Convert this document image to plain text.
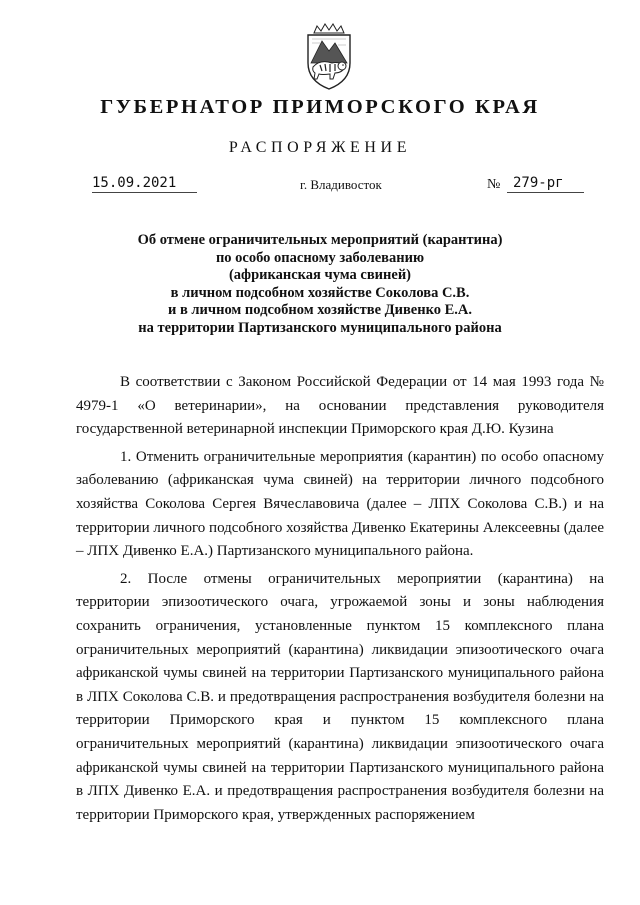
ГУБЕРНАТОР ПРИМОРСКОГО КРАЯ
РАСПОРЯЖЕНИЕ
15.09.2021	г. Владивосток	№ 279-рг
Об отмене ограничительных мероприятий (карантина)
по особо опасному заболеванию
(африканская чума свиней)
в личном подсобном хозяйстве Соколова С.В.
и в личном подсобном хозяйстве Дивенко Е.А.
на территории Партизанского муниципального района

В соответствии с Законом Российской Федерации от 14 мая 1993 года № 4979-1 «О ветеринарии», на основании представления руководителя государственной ветеринарной инспекции Приморского края Д.Ю. Кузина

1. Отменить ограничительные мероприятия (карантин) по особо опасному заболеванию (африканская чума свиней) на территории личного подсобного хозяйства Соколова Сергея Вячеславовича (далее – ЛПХ Соколова С.В.) и на территории личного подсобного хозяйства Дивенко Екатерины Алексеевны (далее – ЛПХ Дивенко Е.А.) Партизанского муниципального района.

2. После отмены ограничительных мероприятии (карантина) на территории эпизоотического очага, угрожаемой зоны и зоны наблюдения сохранить ограничения, установленные пунктом 15 комплексного плана ограничительных мероприятий (карантина) ликвидации эпизоотического очага африканской чумы свиней на территории Партизанского муниципального района в ЛПХ Соколова С.В. и предотвращения распространения возбудителя болезни на территории Приморского края и пунктом 15 комплексного плана ограничительных мероприятий (карантина) ликвидации эпизоотического очага африканской чумы свиней на территории Партизанского муниципального района в ЛПХ Дивенко Е.А. и предотвращения распространения возбудителя болезни на территории Приморского края, утвержденных распоряжением
